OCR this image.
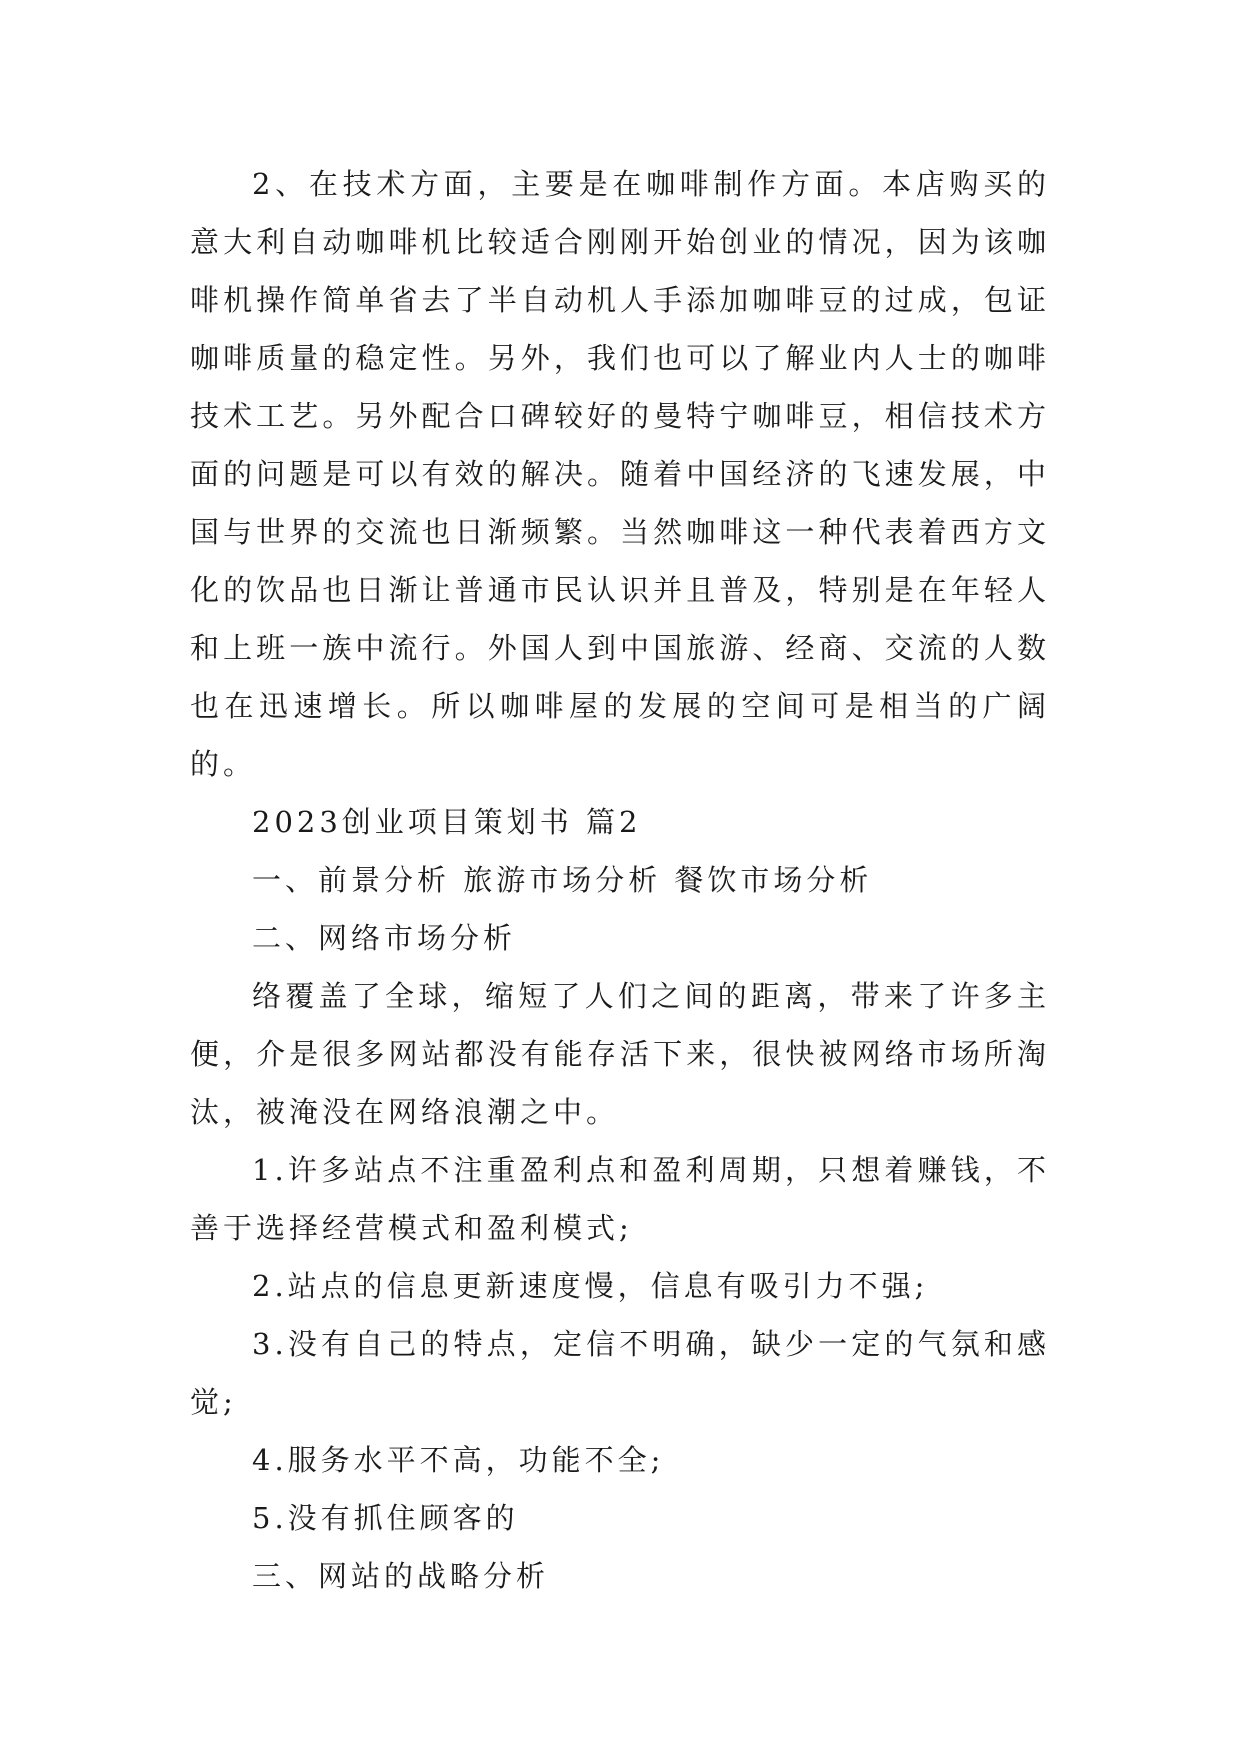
2、在技术方面，主要是在咖啡制作方面。本店购买的意大利自动咖啡机比较适合刚刚开始创业的情况，因为该咖啡机操作简单省去了半自动机人手添加咖啡豆的过成，包证咖啡质量的稳定性。另外，我们也可以了解业内人士的咖啡技术工艺。另外配合口碑较好的曼特宁咖啡豆，相信技术方面的问题是可以有效的解决。随着中国经济的飞速发展，中国与世界的交流也日渐频繁。当然咖啡这一种代表着西方文化的饮品也日渐让普通市民认识并且普及，特别是在年轻人和上班一族中流行。外国人到中国旅游、经商、交流的人数也在迅速增长。所以咖啡屋的发展的空间可是相当的广阔的。

2023创业项目策划书 篇2

一、前景分析 旅游市场分析 餐饮市场分析

二、网络市场分析

络覆盖了全球，缩短了人们之间的距离，带来了许多主便，介是很多网站都没有能存活下来，很快被网络市场所淘汰，被淹没在网络浪潮之中。

1.许多站点不注重盈利点和盈利周期，只想着赚钱，不善于选择经营模式和盈利模式;

2.站点的信息更新速度慢，信息有吸引力不强;

3.没有自己的特点，定信不明确，缺少一定的气氛和感觉;

4.服务水平不高，功能不全;

5.没有抓住顾客的

三、网站的战略分析
